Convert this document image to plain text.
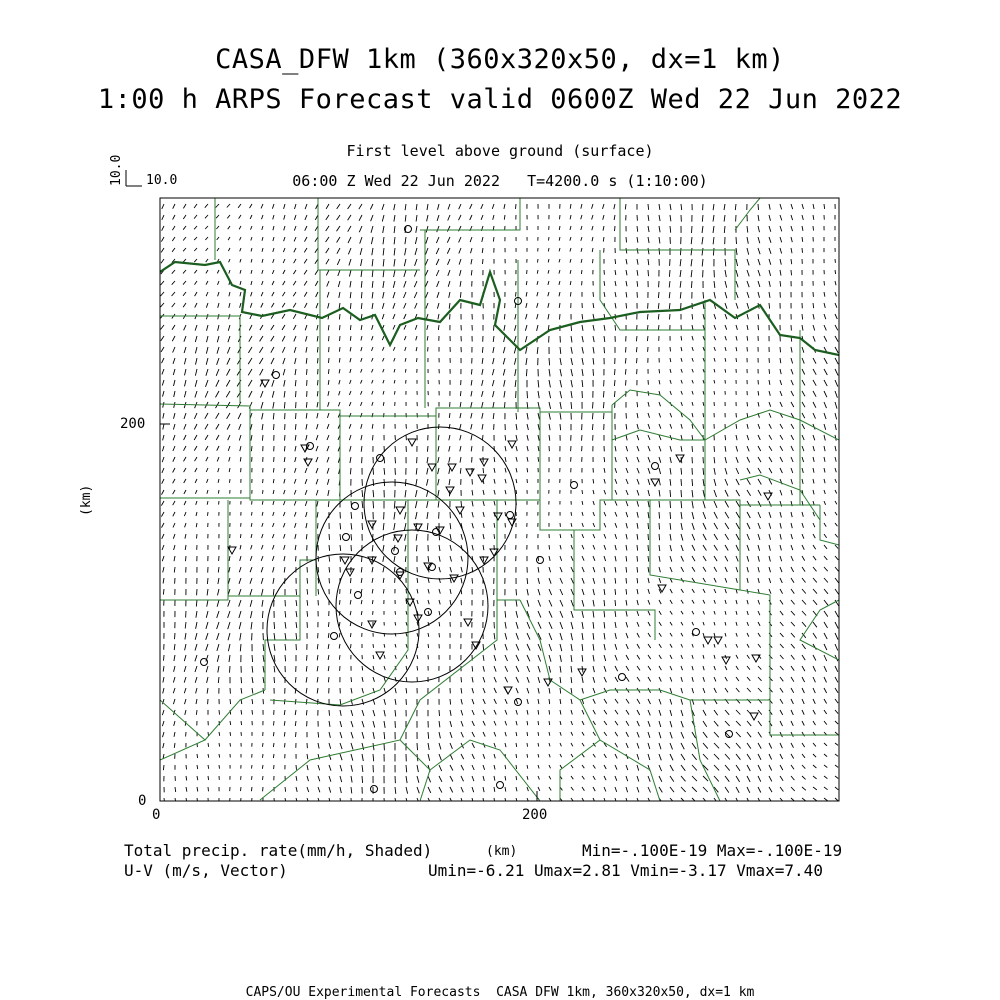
CASA_DFW 1km (360x320x50, dx=1 km)
1:00 h ARPS Forecast valid 0600Z Wed 22 Jun 2022
First level above ground (surface)
06:00 Z Wed 22 Jun 2022   T=4200.0 s (1:10:00)
10.0 10.0
0	200
0
200
(km)
(km)
Total precip. rate(mm/h, Shaded)
U-V (m/s, Vector)
Min=-.100E-19 Max=-.100E-19
Umin=-6.21 Umax=2.81 Vmin=-3.17 Vmax=7.40
CAPS/OU Experimental Forecasts  CASA DFW 1km, 360x320x50, dx=1 km
